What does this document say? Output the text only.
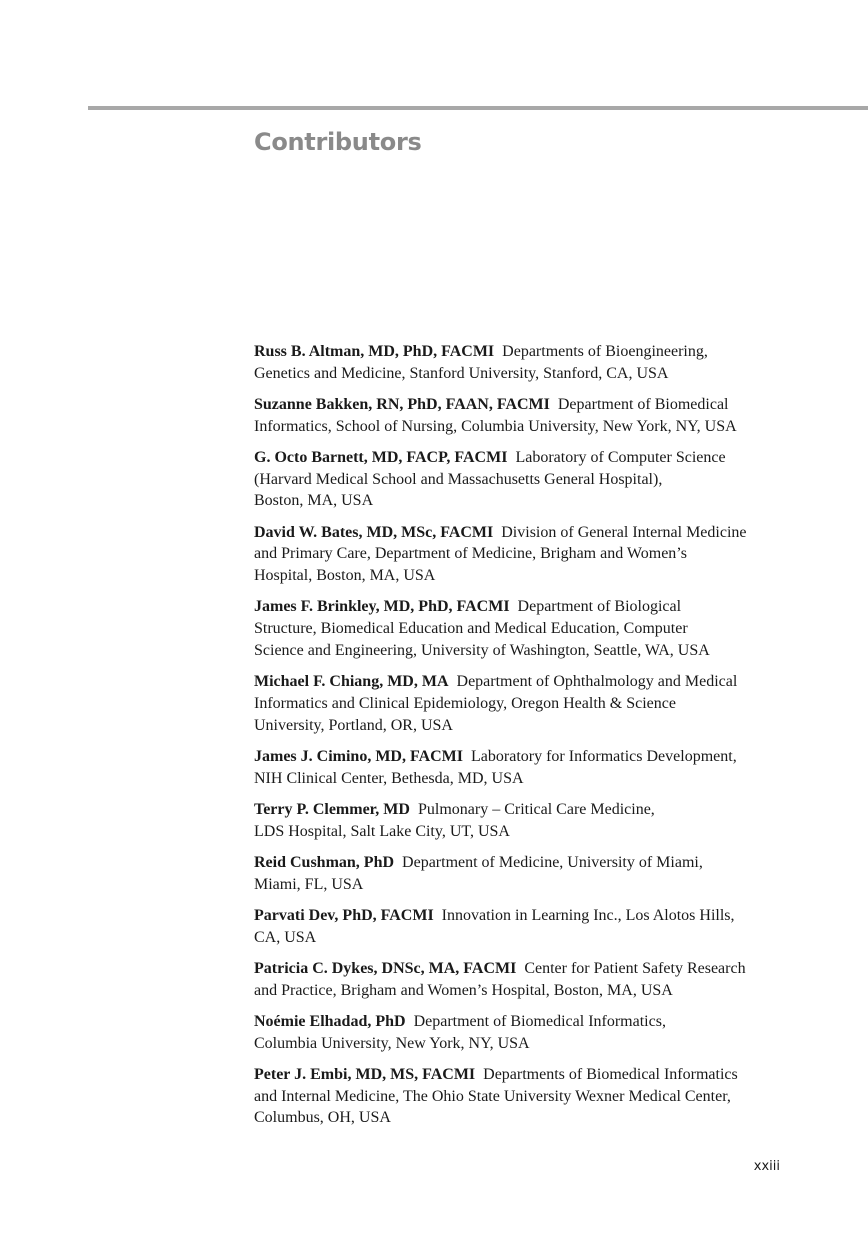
Contributors

Russ B. Altman, MD, PhD, FACMI  Departments of Bioengineering,
Genetics and Medicine, Stanford University, Stanford, CA, USA

Suzanne Bakken, RN, PhD, FAAN, FACMI  Department of Biomedical
Informatics, School of Nursing, Columbia University, New York, NY, USA

G. Octo Barnett, MD, FACP, FACMI  Laboratory of Computer Science
(Harvard Medical School and Massachusetts General Hospital),
Boston, MA, USA

David W. Bates, MD, MSc, FACMI  Division of General Internal Medicine
and Primary Care, Department of Medicine, Brigham and Women’s
Hospital, Boston, MA, USA

James F. Brinkley, MD, PhD, FACMI  Department of Biological
Structure, Biomedical Education and Medical Education, Computer
Science and Engineering, University of Washington, Seattle, WA, USA

Michael F. Chiang, MD, MA  Department of Ophthalmology and Medical
Informatics and Clinical Epidemiology, Oregon Health & Science
University, Portland, OR, USA

James J. Cimino, MD, FACMI  Laboratory for Informatics Development,
NIH Clinical Center, Bethesda, MD, USA

Terry P. Clemmer, MD  Pulmonary – Critical Care Medicine,
LDS Hospital, Salt Lake City, UT, USA

Reid Cushman, PhD  Department of Medicine, University of Miami,
Miami, FL, USA

Parvati Dev, PhD, FACMI  Innovation in Learning Inc., Los Alotos Hills,
CA, USA

Patricia C. Dykes, DNSc, MA, FACMI  Center for Patient Safety Research
and Practice, Brigham and Women’s Hospital, Boston, MA, USA

Noémie Elhadad, PhD  Department of Biomedical Informatics,
Columbia University, New York, NY, USA

Peter J. Embi, MD, MS, FACMI  Departments of Biomedical Informatics
and Internal Medicine, The Ohio State University Wexner Medical Center,
Columbus, OH, USA

xxiii
